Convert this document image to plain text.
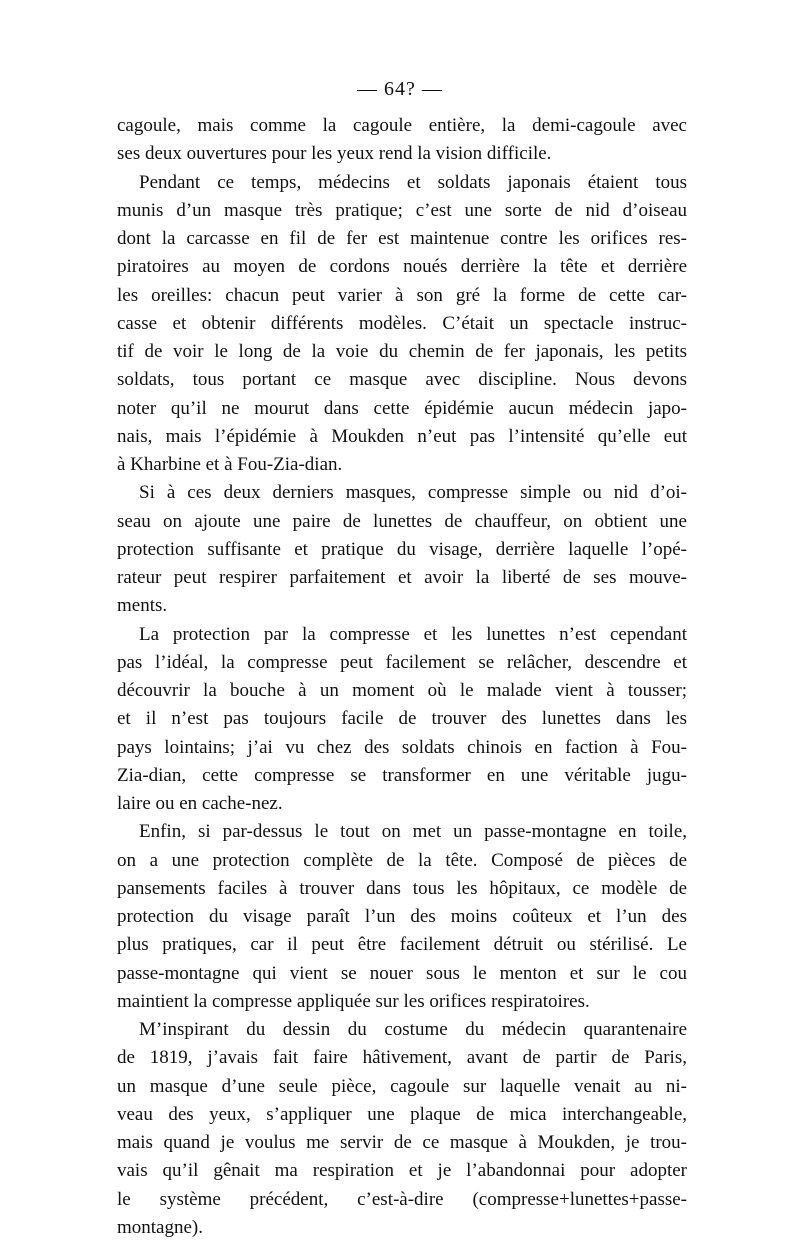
— 64? —
cagoule, mais comme la cagoule entière, la demi-cagoule avec
ses deux ouvertures pour les yeux rend la vision difficile.
Pendant ce temps, médecins et soldats japonais étaient tous
munis d’un masque très pratique; c’est une sorte de nid d’oiseau
dont la carcasse en fil de fer est maintenue contre les orifices res-
piratoires au moyen de cordons noués derrière la tête et derrière
les oreilles: chacun peut varier à son gré la forme de cette car-
casse et obtenir différents modèles. C’était un spectacle instruc-
tif de voir le long de la voie du chemin de fer japonais, les petits
soldats, tous portant ce masque avec discipline. Nous devons
noter qu’il ne mourut dans cette épidémie aucun médecin japo-
nais, mais l’épidémie à Moukden n’eut pas l’intensité qu’elle eut
à Kharbine et à Fou-Zia-dian.
Si à ces deux derniers masques, compresse simple ou nid d’oi-
seau on ajoute une paire de lunettes de chauffeur, on obtient une
protection suffisante et pratique du visage, derrière laquelle l’opé-
rateur peut respirer parfaitement et avoir la liberté de ses mouve-
ments.
La protection par la compresse et les lunettes n’est cependant
pas l’idéal, la compresse peut facilement se relâcher, descendre et
découvrir la bouche à un moment où le malade vient à tousser;
et il n’est pas toujours facile de trouver des lunettes dans les
pays lointains; j’ai vu chez des soldats chinois en faction à Fou-
Zia-dian, cette compresse se transformer en une véritable jugu-
laire ou en cache-nez.
Enfin, si par-dessus le tout on met un passe-montagne en toile,
on a une protection complète de la tête. Composé de pièces de
pansements faciles à trouver dans tous les hôpitaux, ce modèle de
protection du visage paraît l’un des moins coûteux et l’un des
plus pratiques, car il peut être facilement détruit ou stérilisé. Le
passe-montagne qui vient se nouer sous le menton et sur le cou
maintient la compresse appliquée sur les orifices respiratoires.
M’inspirant du dessin du costume du médecin quarantenaire
de 1819, j’avais fait faire hâtivement, avant de partir de Paris,
un masque d’une seule pièce, cagoule sur laquelle venait au ni-
veau des yeux, s’appliquer une plaque de mica interchangeable,
mais quand je voulus me servir de ce masque à Moukden, je trou-
vais qu’il gênait ma respiration et je l’abandonnai pour adopter
le système précédent, c’est-à-dire (compresse+lunettes+passe-
montagne).
